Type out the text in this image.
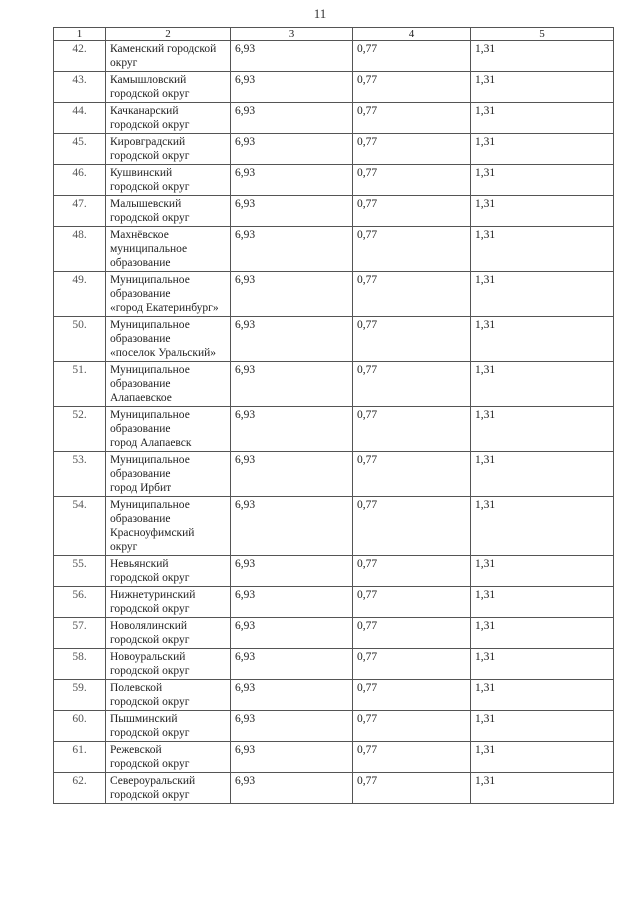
11
1	2	3	4	5
42.	Каменский городской
округ	6,93	0,77	1,31
43.	Камышловский
городской округ	6,93	0,77	1,31
44.	Качканарский
городской округ	6,93	0,77	1,31
45.	Кировградский
городской округ	6,93	0,77	1,31
46.	Кушвинский
городской округ	6,93	0,77	1,31
47.	Малышевский
городской округ	6,93	0,77	1,31
48.	Махнёвское
муниципальное
образование	6,93	0,77	1,31
49.	Муниципальное
образование
«город Екатеринбург»	6,93	0,77	1,31
50.	Муниципальное
образование
«поселок Уральский»	6,93	0,77	1,31
51.	Муниципальное
образование
Алапаевское	6,93	0,77	1,31
52.	Муниципальное
образование
город Алапаевск	6,93	0,77	1,31
53.	Муниципальное
образование
город Ирбит	6,93	0,77	1,31
54.	Муниципальное
образование
Красноуфимский
округ	6,93	0,77	1,31
55.	Невьянский
городской округ	6,93	0,77	1,31
56.	Нижнетуринский
городской округ	6,93	0,77	1,31
57.	Новолялинский
городской округ	6,93	0,77	1,31
58.	Новоуральский
городской округ	6,93	0,77	1,31
59.	Полевской
городской округ	6,93	0,77	1,31
60.	Пышминский
городской округ	6,93	0,77	1,31
61.	Режевской
городской округ	6,93	0,77	1,31
62.	Североуральский
городской округ	6,93	0,77	1,31
